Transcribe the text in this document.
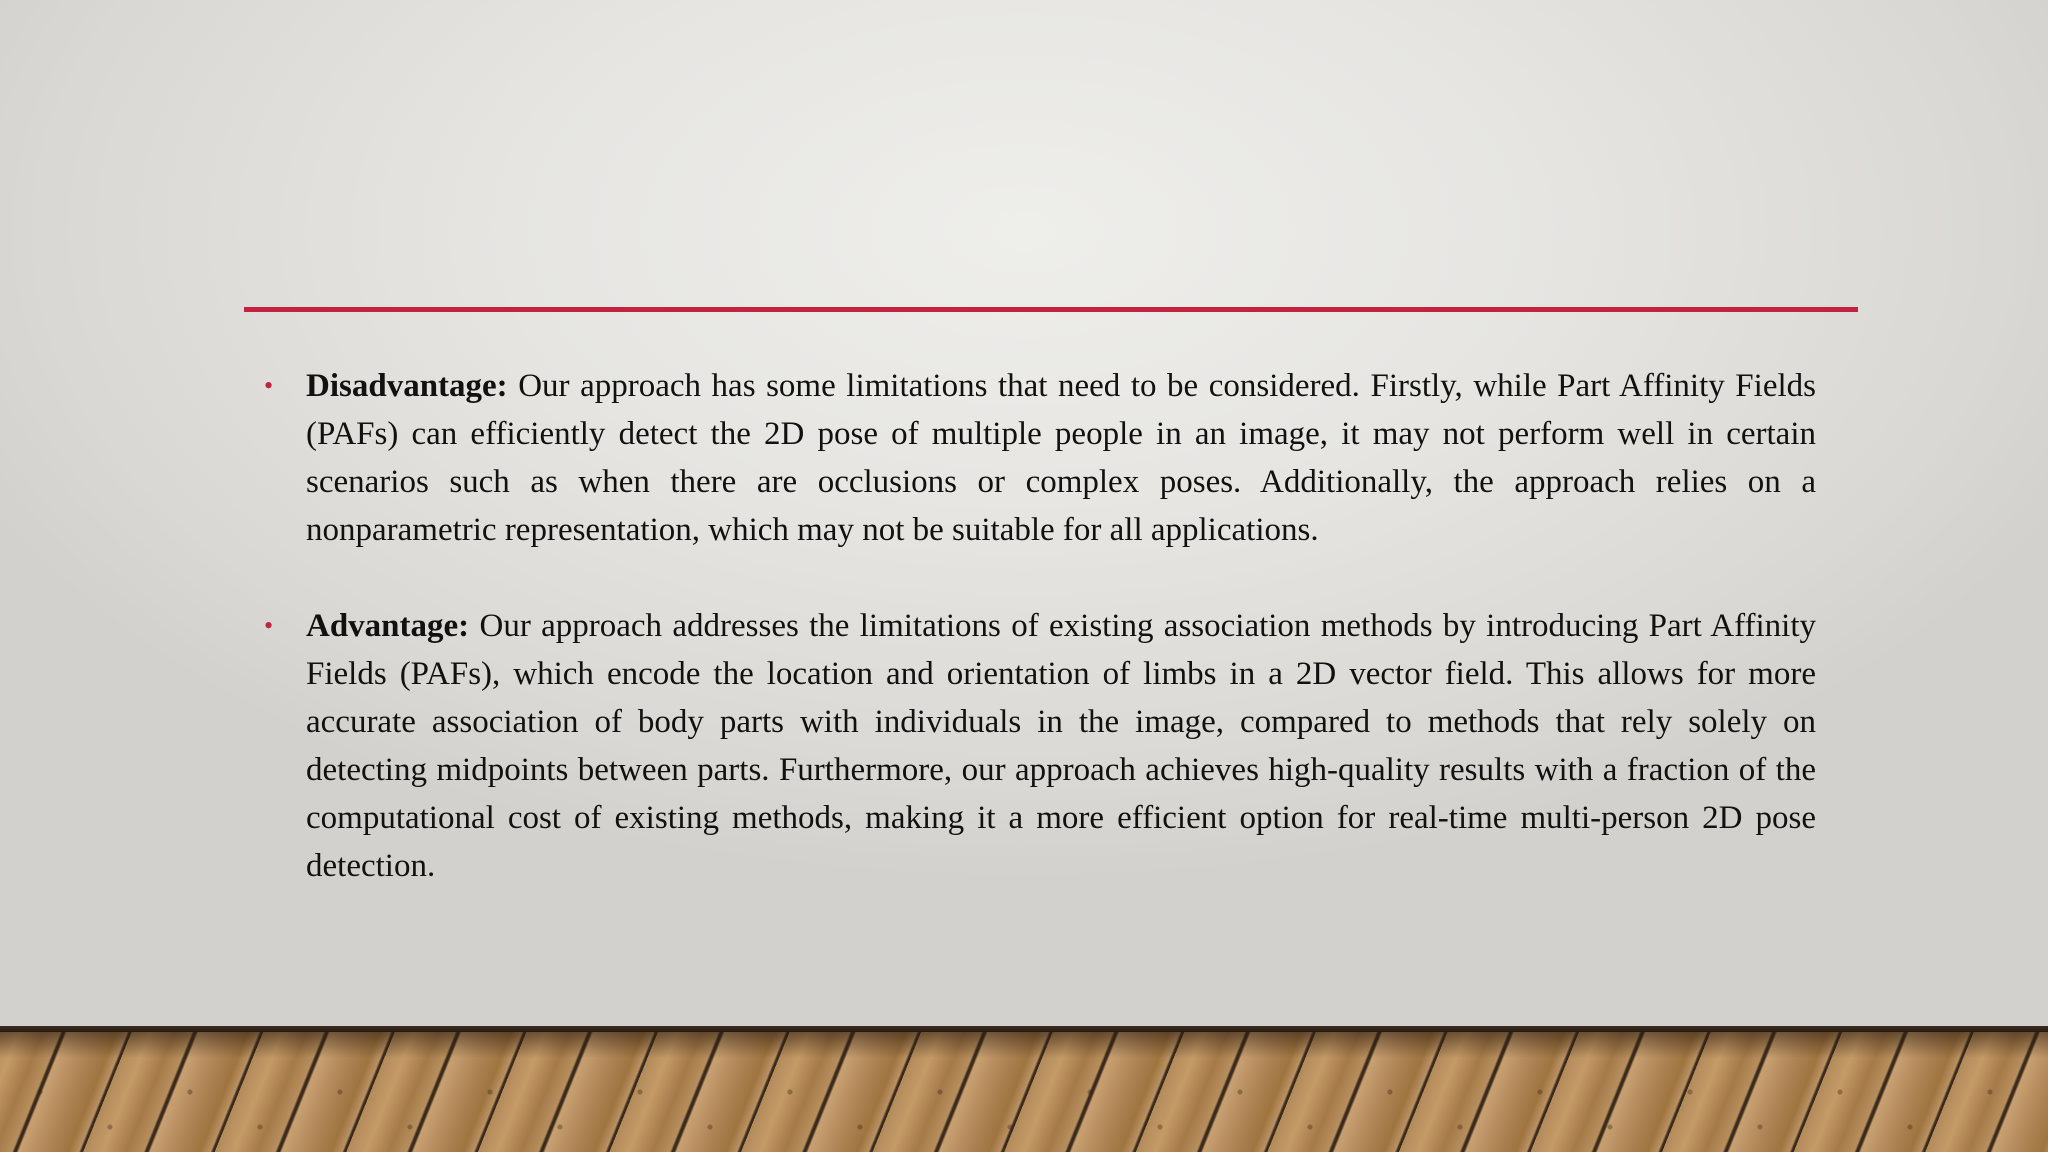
• Disadvantage: Our approach has some limitations that need to be considered. Firstly, while Part Affinity Fields (PAFs) can efficiently detect the 2D pose of multiple people in an image, it may not perform well in certain scenarios such as when there are occlusions or complex poses. Additionally, the approach relies on a nonparametric representation, which may not be suitable for all applications.

• Advantage: Our approach addresses the limitations of existing association methods by introducing Part Affinity Fields (PAFs), which encode the location and orientation of limbs in a 2D vector field. This allows for more accurate association of body parts with individuals in the image, compared to methods that rely solely on detecting midpoints between parts. Furthermore, our approach achieves high-quality results with a fraction of the computational cost of existing methods, making it a more efficient option for real-time multi-person 2D pose detection.
